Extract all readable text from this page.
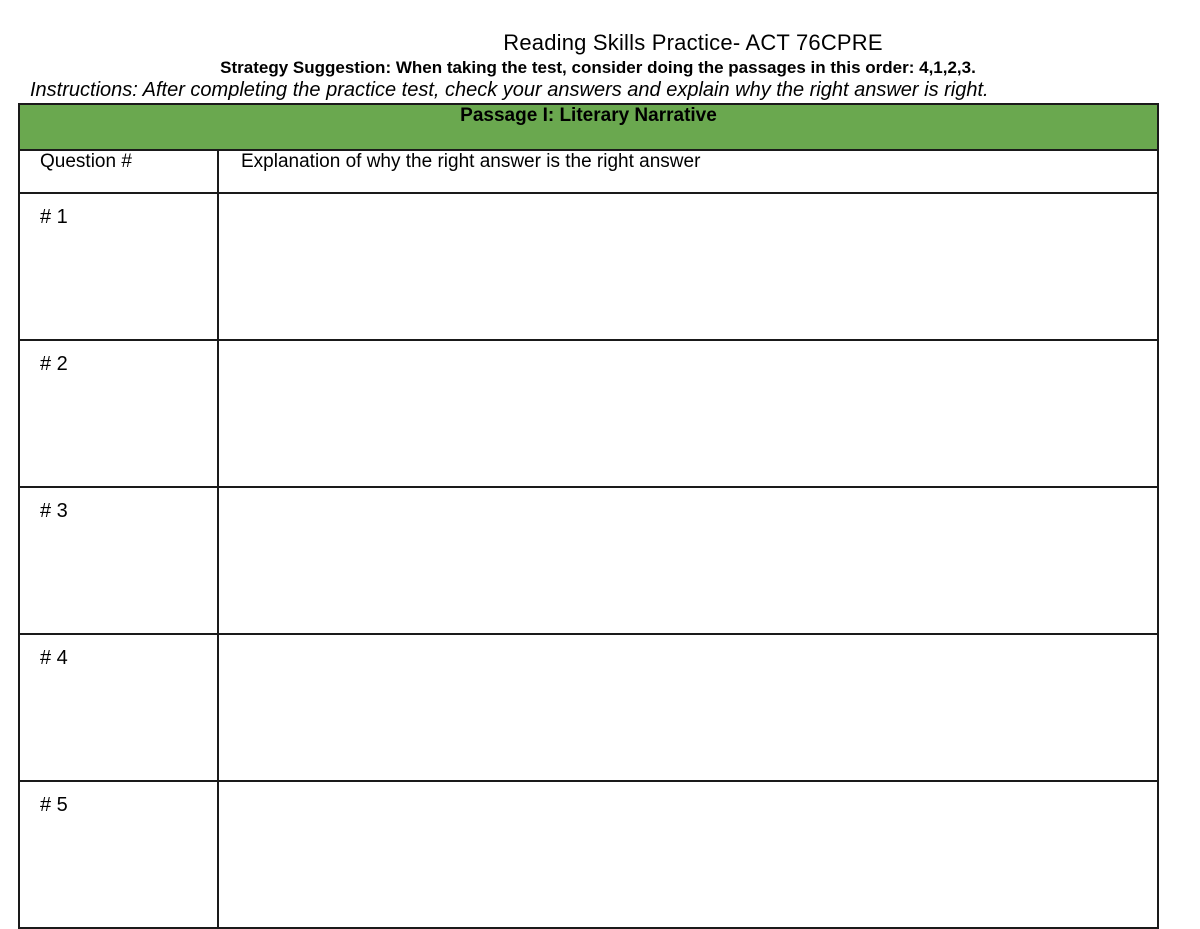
Reading Skills Practice- ACT 76CPRE
Strategy Suggestion: When taking the test, consider doing the passages in this order: 4,1,2,3.
Instructions: After completing the practice test, check your answers and explain why the right answer is right.
Passage I: Literary Narrative	
Question #	Explanation of why the right answer is the right answer
# 1	
# 2	
# 3	
# 4	
# 5	
